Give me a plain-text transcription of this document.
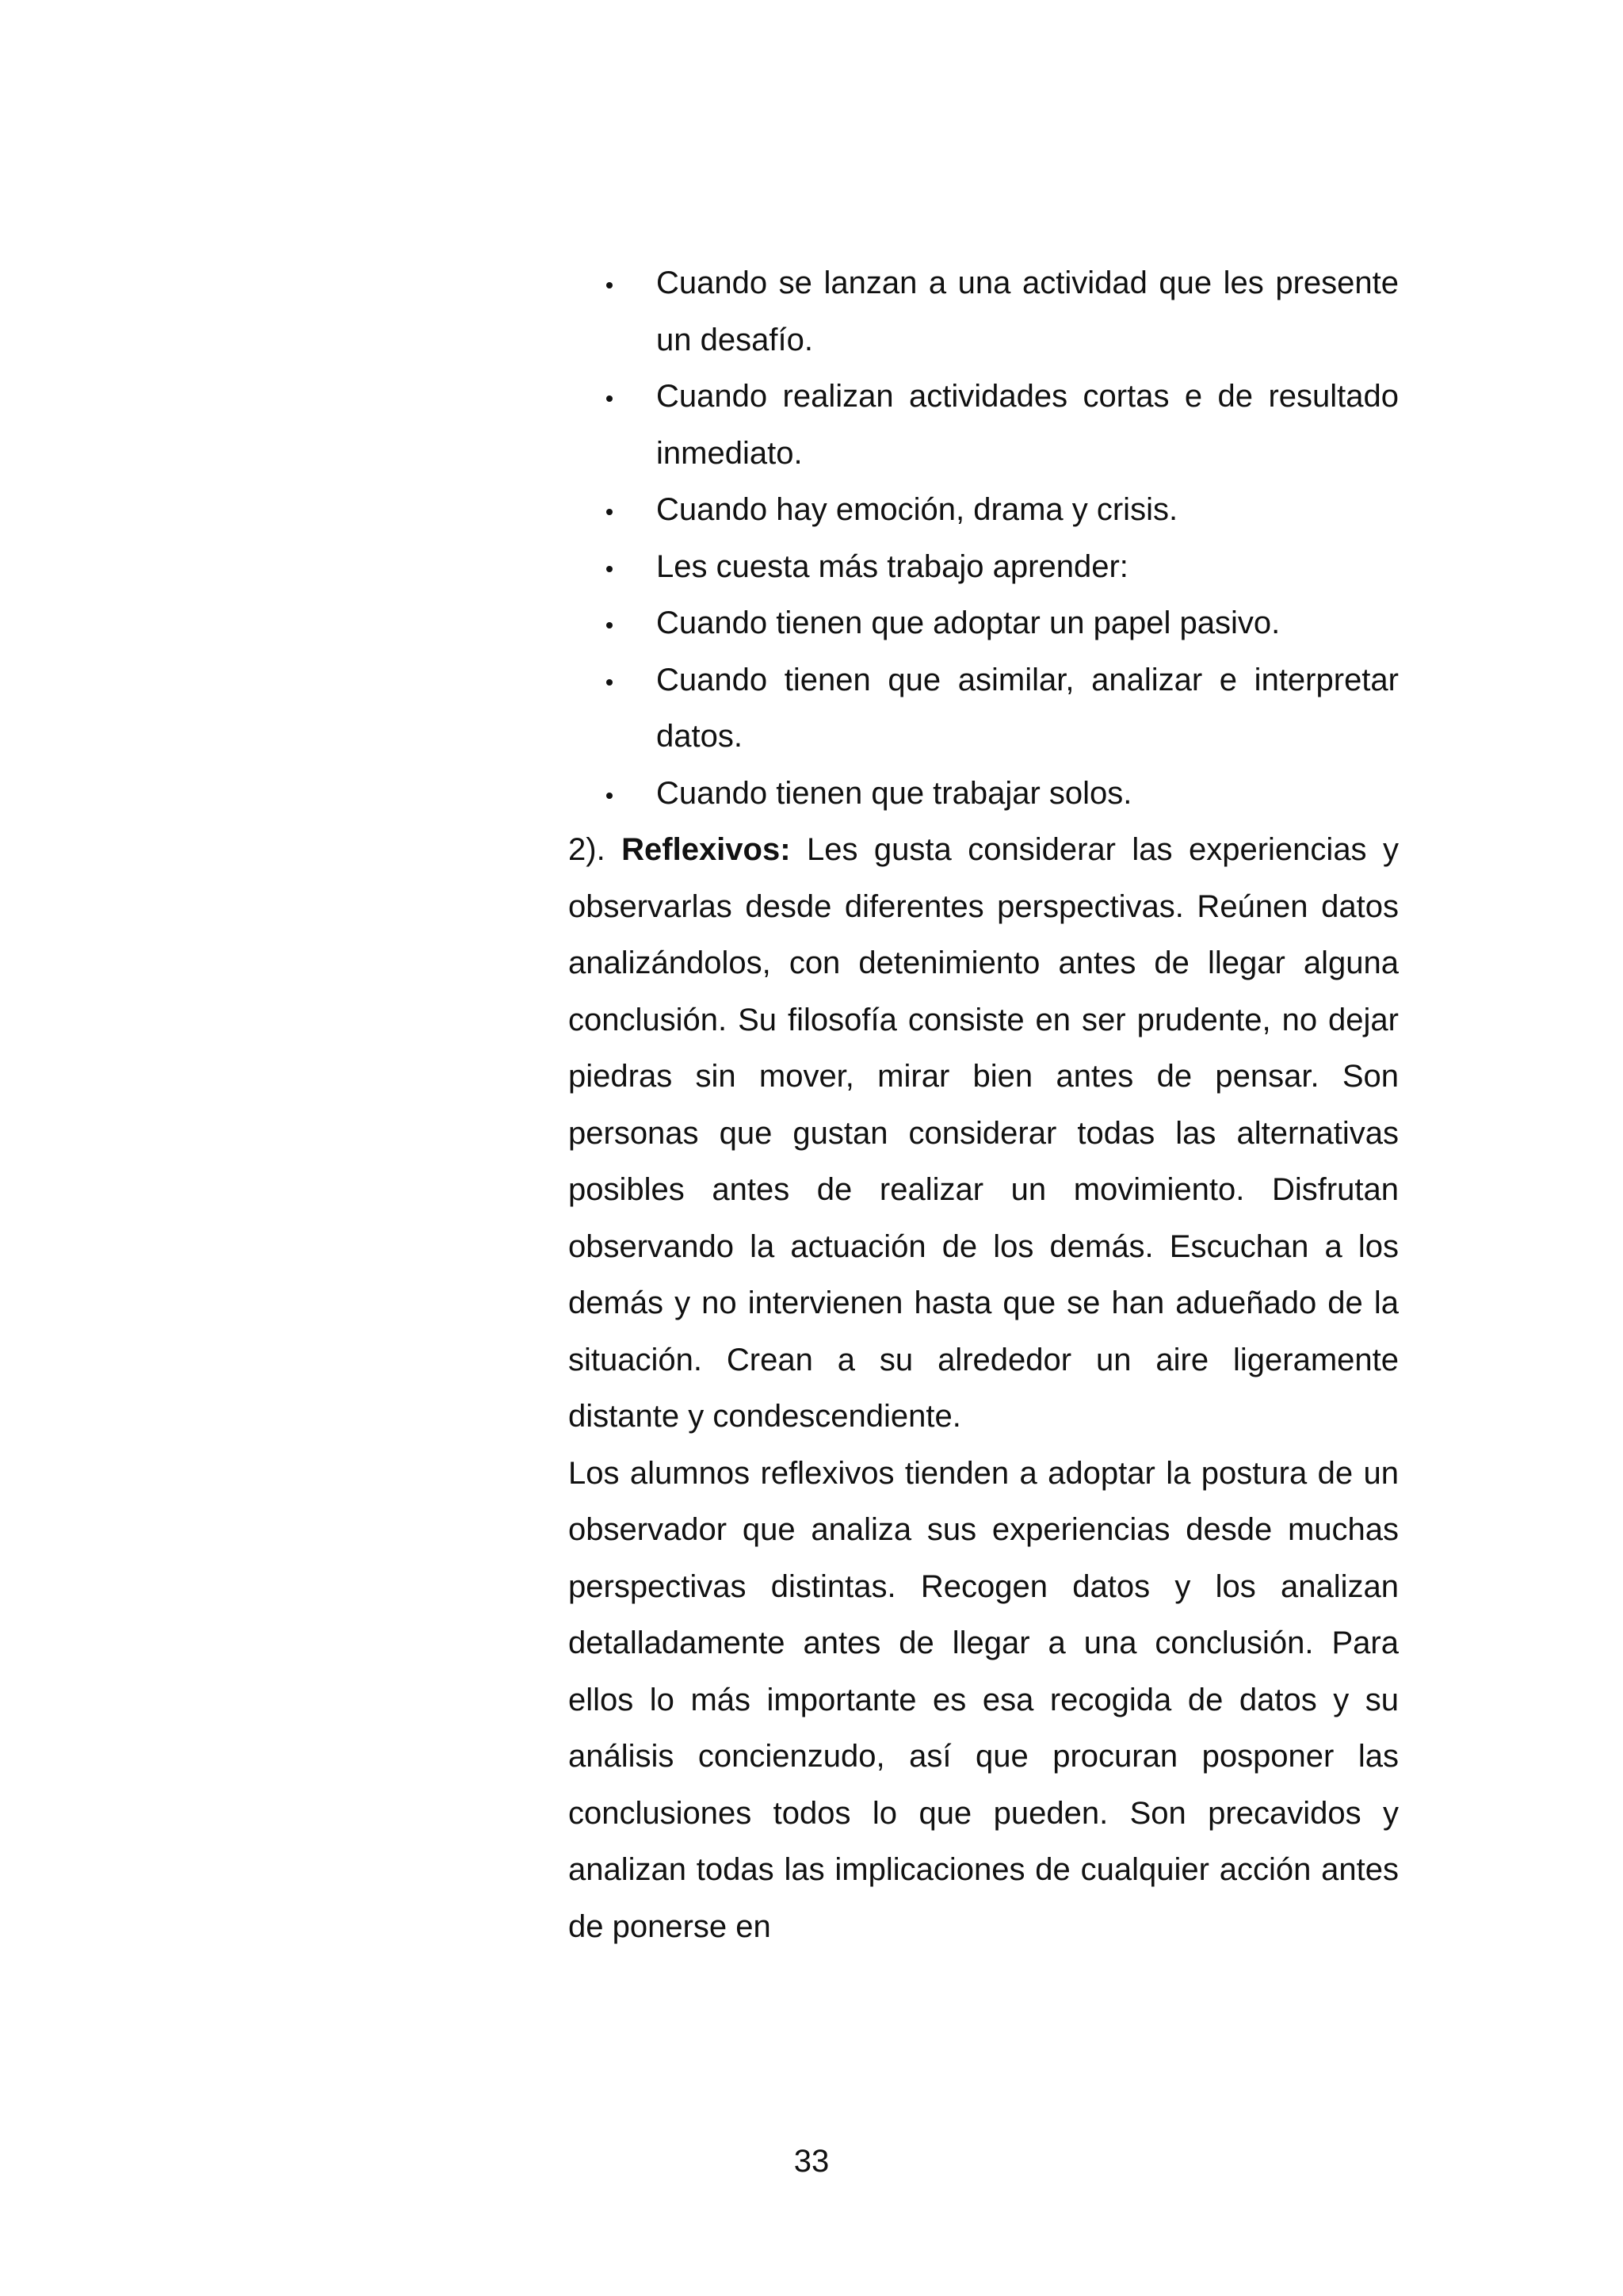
Cuando se lanzan a una actividad que les presente un desafío.
Cuando realizan actividades cortas e de resultado inmediato.
Cuando hay emoción, drama y crisis.
Les cuesta más trabajo aprender:
Cuando tienen que adoptar un papel pasivo.
Cuando tienen que asimilar, analizar e interpretar datos.
Cuando tienen que trabajar solos.

2). Reflexivos: Les gusta considerar las experiencias y observarlas desde diferentes perspectivas. Reúnen datos analizándolos, con detenimiento antes de llegar alguna conclusión. Su filosofía consiste en ser prudente, no dejar piedras sin mover, mirar bien antes de pensar. Son personas que gustan considerar todas las alternativas posibles antes de realizar un movimiento. Disfrutan observando la actuación de los demás. Escuchan a los demás y no intervienen hasta que se han adueñado de la situación. Crean a su alrededor un aire ligeramente distante y condescendiente.

Los alumnos reflexivos tienden a adoptar la postura de un observador que analiza sus experiencias desde muchas perspectivas distintas. Recogen datos y los analizan detalladamente antes de llegar a una conclusión. Para ellos lo más importante es esa recogida de datos y su análisis concienzudo, así que procuran posponer las conclusiones todos lo que pueden. Son precavidos y analizan todas las implicaciones de cualquier acción antes de ponerse en

33
